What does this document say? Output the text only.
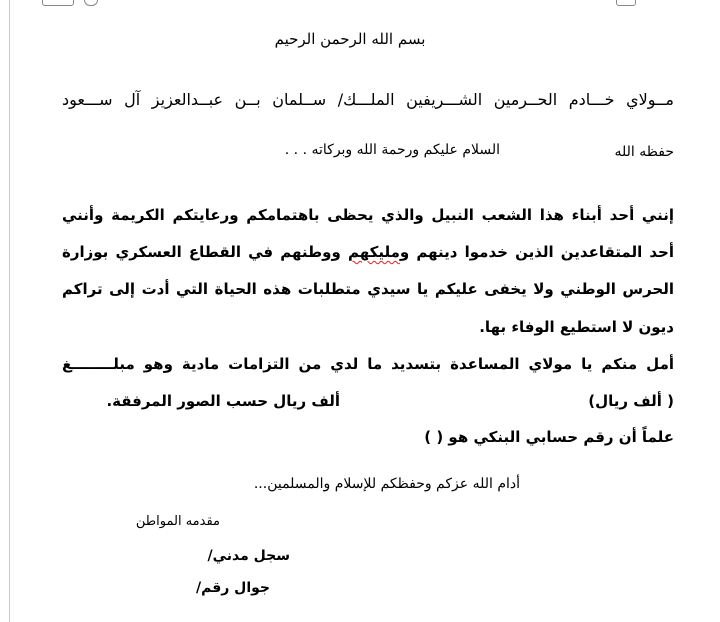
بسم الله الرحمن الرحيم
مــولاي خـــادم الحــرمين الشـــريفين الملـــك/ ســلمان بــن عبــدالعزيز آل ســـعود
حفظه الله
السلام عليكم ورحمة الله وبركاته . . .
إنني أحد أبناء هذا الشعب النبيل والذي يحظى باهتمامكم ورعايتكم الكريمة وأنني
أحد المتقاعدين الذين خدموا دينهم ومليكهم ووطنهم في القطاع العسكري بوزارة
الحرس الوطني ولا يخفى عليكم يا سيدي متطلبات هذه الحياة التي أدت إلى تراكم
ديون لا استطيع الوفاء بها.
أمل منكم يا مولاي المساعدة بتسديد ما لدي من التزامات مادية وهو مبلــــــــغ
( ألف ريال)
ألف ريال حسب الصور المرفقة.
علماً أن رقم حسابي البنكي هو ( )
أدام الله عزكم وحفظكم للإسلام والمسلمين...
مقدمه المواطن
سجل مدني/
جوال رقم/
